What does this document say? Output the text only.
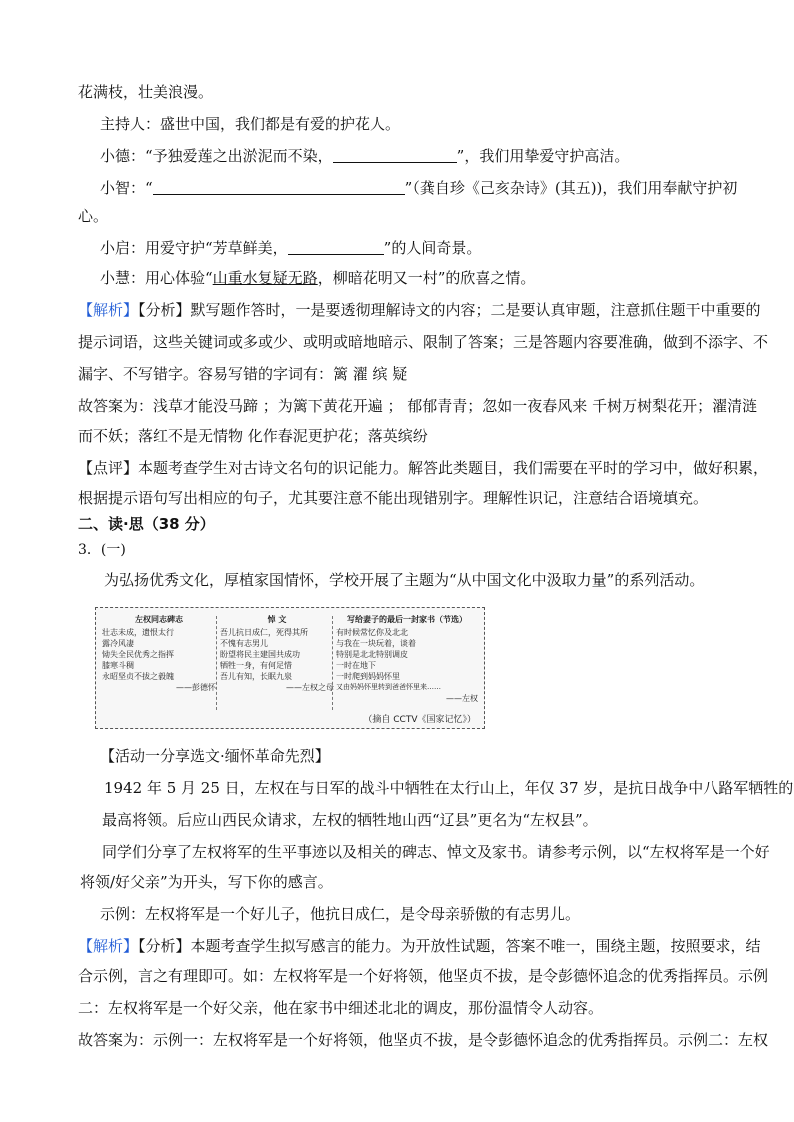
花满枝，壮美浪漫。
主持人：盛世中国，我们都是有爱的护花人。
小德：“予独爱莲之出淤泥而不染，	”，我们用挚爱守护高洁。
小智：“	”（龚自珍《己亥杂诗》(其五))，我们用奉献守护初
心。
小启：用爱守护“芳草鲜美，	”的人间奇景。
小慧：用心体验“山重水复疑无路，柳暗花明又一村”的欣喜之情。
【解析】【分析】默写题作答时，一是要透彻理解诗文的内容；二是要认真审题，注意抓住题干中重要的
提示词语，这些关键词或多或少、或明或暗地暗示、限制了答案；三是答题内容要准确，做到不添字、不
漏字、不写错字。容易写错的字词有：篱 濯 缤 疑
故答案为：浅草才能没马蹄 ；为篱下黄花开遍 ； 郁郁青青；忽如一夜春风来 千树万树梨花开；濯清涟
而不妖；落红不是无情物 化作春泥更护花；落英缤纷
【点评】本题考查学生对古诗文名句的识记能力。解答此类题目，我们需要在平时的学习中，做好积累，
根据提示语句写出相应的句子，尤其要注意不能出现错别字。理解性识记，注意结合语境填充。
二、读·思（38 分）
3．(一)
为弘扬优秀文化，厚植家国情怀，学校开展了主题为“从中国文化中汲取力量”的系列活动。
左权同志碑志
壮志未成，遗恨太行
露冷风凄
恸失全民优秀之指挥
膝寒斗稠
永昭坚贞不拔之毅魄
——彭德怀
悼 文
吾儿抗日成仁，死得其所
不愧有志男儿
盼望将民主建国共成功
牺牲一身，有何足惜
吾儿有知，长眠九泉
——左权之母
写给妻子的最后一封家书（节选）
有时候常忆你及北北
与我在一块玩着，谈着
特别是北北特别调皮
一时在地下
一时爬到妈妈怀里
又由妈妈怀里转到爸爸怀里来……
——左权
（摘自 CCTV《国家记忆》）
【活动一分享选文·缅怀革命先烈】
1942 年 5 月 25 日，左权在与日军的战斗中牺牲在太行山上，年仅 37 岁，是抗日战争中八路军牺牲的
最高将领。后应山西民众请求，左权的牺牲地山西“辽县”更名为“左权县”。
同学们分享了左权将军的生平事迹以及相关的碑志、悼文及家书。请参考示例，以“左权将军是一个好
将领/好父亲”为开头，写下你的感言。
示例：左权将军是一个好儿子，他抗日成仁，是令母亲骄傲的有志男儿。
【解析】【分析】本题考查学生拟写感言的能力。为开放性试题，答案不唯一，围绕主题，按照要求，结
合示例，言之有理即可。如：左权将军是一个好将领，他坚贞不拔，是令彭德怀追念的优秀指挥员。示例
二：左权将军是一个好父亲，他在家书中细述北北的调皮，那份温情令人动容。
故答案为：示例一：左权将军是一个好将领，他坚贞不拔，是令彭德怀追念的优秀指挥员。示例二：左权
